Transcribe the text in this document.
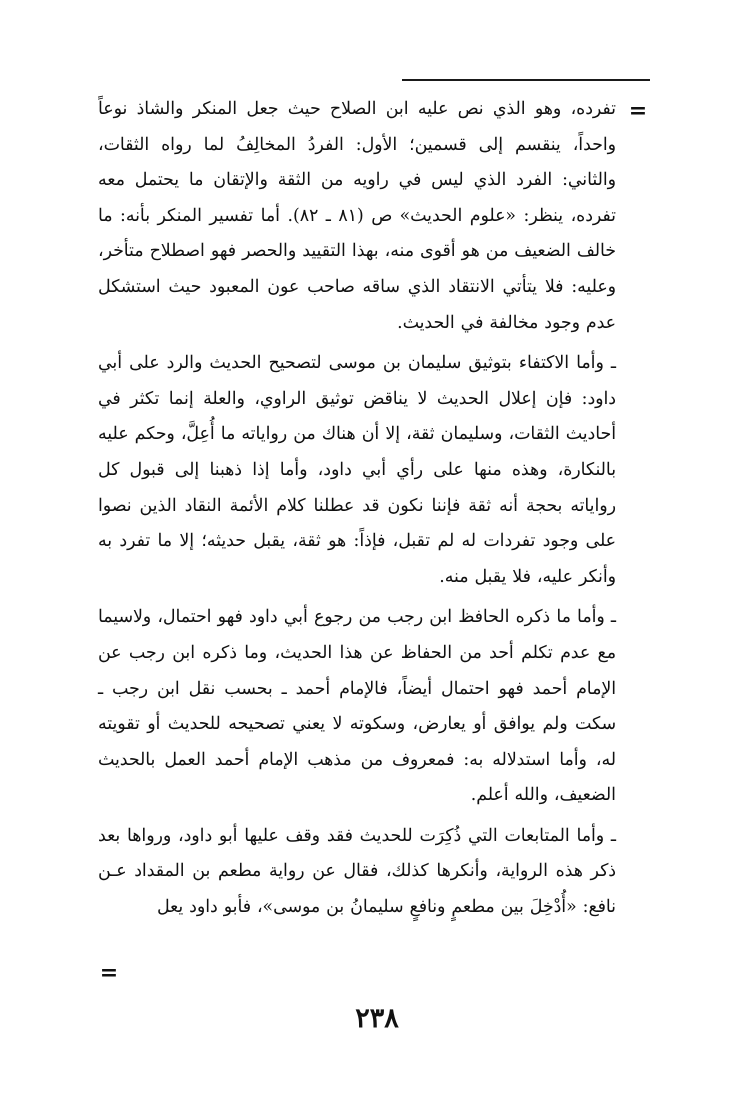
=

تفرده، وهو الذي نص عليه ابن الصلاح حيث جعل المنكر والشاذ نوعاً واحداً، ينقسم إلى قسمين؛ الأول: الفردُ المخالِفُ لما رواه الثقات، والثاني: الفرد الذي ليس في راويه من الثقة والإتقان ما يحتمل معه تفرده، ينظر: «علوم الحديث» ص (٨١ ـ ٨٢). أما تفسير المنكر بأنه: ما خالف الضعيف من هو أقوى منه، بهذا التقييد والحصر فهو اصطلاح متأخر، وعليه: فلا يتأتي الانتقاد الذي ساقه صاحب عون المعبود حيث استشكل عدم وجود مخالفة في الحديث.

ـ وأما الاكتفاء بتوثيق سليمان بن موسى لتصحيح الحديث والرد على أبي داود: فإن إعلال الحديث لا يناقض توثيق الراوي، والعلة إنما تكثر في أحاديث الثقات، وسليمان ثقة، إلا أن هناك من رواياته ما أُعِلَّ، وحكم عليه بالنكارة، وهذه منها على رأي أبي داود، وأما إذا ذهبنا إلى قبول كل رواياته بحجة أنه ثقة فإننا نكون قد عطلنا كلام الأئمة النقاد الذين نصوا على وجود تفردات له لم تقبل، فإذاً: هو ثقة، يقبل حديثه؛ إلا ما تفرد به وأنكر عليه، فلا يقبل منه.

ـ وأما ما ذكره الحافظ ابن رجب من رجوع أبي داود فهو احتمال، ولاسيما مع عدم تكلم أحد من الحفاظ عن هذا الحديث، وما ذكره ابن رجب عن الإمام أحمد فهو احتمال أيضاً، فالإمام أحمد ـ بحسب نقل ابن رجب ـ سكت ولم يوافق أو يعارض، وسكوته لا يعني تصحيحه للحديث أو تقويته له، وأما استدلاله به: فمعروف من مذهب الإمام أحمد العمل بالحديث الضعيف، والله أعلم.

ـ وأما المتابعات التي ذُكِرَت للحديث فقد وقف عليها أبو داود، ورواها بعد ذكر هذه الرواية، وأنكرها كذلك، فقال عن رواية مطعم بن المقداد عـن نافع: «أُدْخِلَ بين مطعمٍ ونافعٍ سليمانُ بن موسى»، فأبو داود يعل

=
٢٣٨
